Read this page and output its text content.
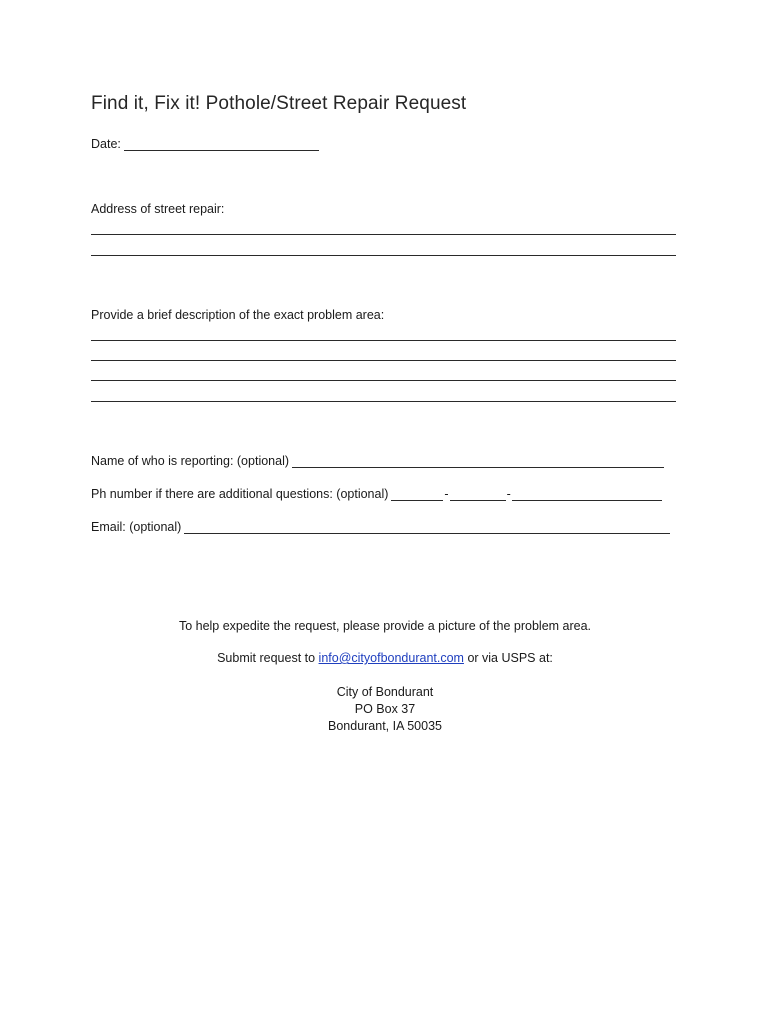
Find it, Fix it! Pothole/Street Repair Request
Date:
Address of street repair:
Provide a brief description of the exact problem area:
Name of who is reporting: (optional)
Ph number if there are additional questions: (optional)	-	-
Email: (optional)
To help expedite the request, please provide a picture of the problem area.
Submit request to info@cityofbondurant.com or via USPS at:
City of Bondurant
PO Box 37
Bondurant, IA 50035
